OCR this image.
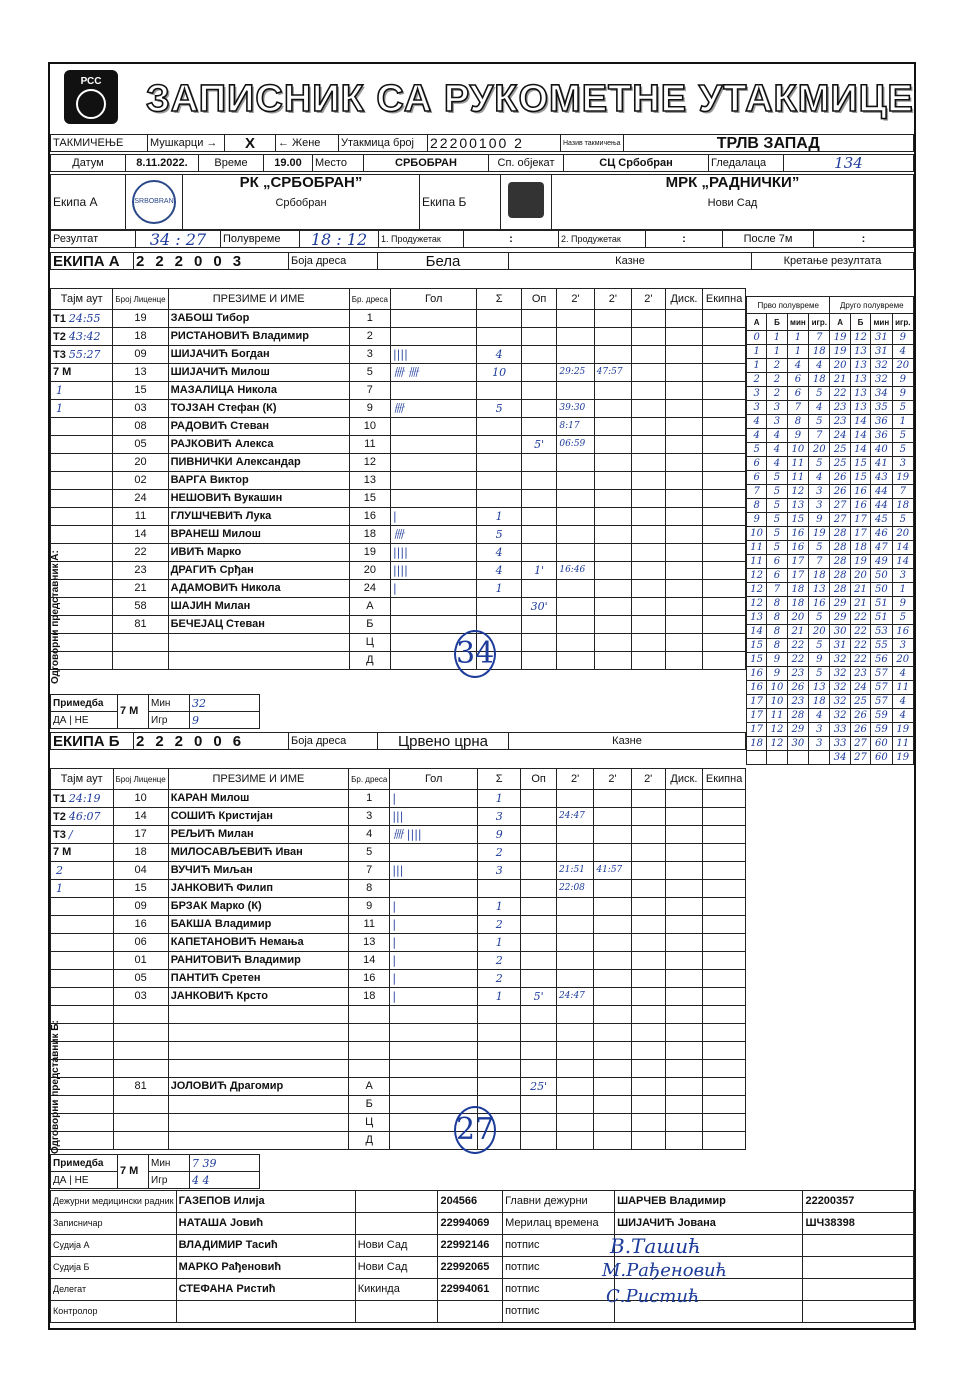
РСС	ЗАПИСНИК СА РУКОМЕТНЕ УТАКМИЦЕ
ТАКМИЧЕЊЕ	Мушкарци →	X	← Жене	Утакмица број	22200100 2	Назив такмичења	ТРЛВ ЗАПАД
Датум	8.11.2022.	Време	19.00	Место	СРБОБРАН	Сп. објекат	СЦ Србобран	Гледалаца	134
Екипа А	SRBOBRAN	
РК „СРБОБРАН”
Србобран	Екипа Б		
МРК „РАДНИЧКИ”
Нови Сад
Резултат	34 : 27	Полувреме	18 : 12	1. Продужетак	:	2. Продужетак	:	После 7м	:
ЕКИПА А	222003	Боја дреса	Бела	Казне	Кретање резултата
Тајм аут	Број Лиценце	ПРЕЗИМЕ И ИМЕ	Бр. дреса	Гол	Σ	Оп	2'	2'	2'	Диск.	Екипна
T1 24:55	19	ЗАБОШ Тибор	1								
T2 43:42	18	РИСТАНОВИЋ Владимир	2								
T3 55:27	09	ШИЈАЧИЋ Богдан	3	||||	4						
7 М	13	ШИЈАЧИЋ Милош	5	卌 卌	10		29:25	47:57			
1	15	МАЗАЛИЦА Никола	7								
1	03	ТОЈЗАН Стефан (К)	9	卌	5		39:30				
	08	РАДОВИЋ Стеван	10				8:17				
	05	РАЈКОВИЋ Алекса	11			5'	06:59				
	20	ПИВНИЧКИ Александар	12								
	02	ВАРГА Виктор	13								
	24	НЕШОВИЋ Вукашин	15								
	11	ГЛУШЧЕВИЋ Лука	16	|	1						
	14	ВРАНЕШ Милош	18	卌	5						
	22	ИВИЋ Марко	19	||||	4						
	23	ДРАГИЋ Срђан	20	||||	4	1'	16:46				
	21	АДАМОВИЋ Никола	24	|	1						
	58	ШАЈИН Милан	А			30'					
	81	БЕЧЕЈАЦ Стеван	Б								
			Ц								
			Д								
Одговорни представник А:
Прво полувреме				Друго полувреме			
А	Б	мин	игр.	А	Б	мин	игр.
0	1	1	7	19	12	31	9
1	1	1	18	19	13	31	4
1	2	4	4	20	13	32	20
2	2	6	18	21	13	32	9
3	2	6	5	22	13	34	9
3	3	7	4	23	13	35	5
4	3	8	5	23	14	36	1
4	4	9	7	24	14	36	5
5	4	10	20	25	14	40	5
6	4	11	5	25	15	41	3
6	5	11	4	26	15	43	19
7	5	12	3	26	16	44	7
8	5	13	3	27	16	44	18
9	5	15	9	27	17	45	5
10	5	16	19	28	17	46	20
11	5	16	5	28	18	47	14
11	6	17	7	28	19	49	14
12	6	17	18	28	20	50	3
12	7	18	13	28	21	50	1
12	8	18	16	29	21	51	9
13	8	20	5	29	22	51	5
14	8	21	20	30	22	53	16
15	8	22	5	31	22	55	3
15	9	22	9	32	22	56	20
16	9	23	5	32	23	57	4
16	10	26	13	32	24	57	11
17	10	23	18	32	25	57	4
17	11	28	4	32	26	59	4
17	12	29	3	33	26	59	19
18	12	30	3	33	27	60	11
				34	27	60	19
34
Примедба	7 М	Мин	32
ДА | НЕ		Игр	9
ЕКИПА Б	222006	Боја дреса	Црвено црна	Казне
Тајм аут	Број Лиценце	ПРЕЗИМЕ И ИМЕ	Бр. дреса	Гол	Σ	Оп	2'	2'	2'	Диск.	Екипна
T1 24:19	10	КАРАН Милош	1	|	1						
T2 46:07	14	СОШИЋ Кристијан	3	|||	3		24:47				
T3 /	17	РЕЉИЋ Милан	4	卌 ||||	9						
7 М	18	МИЛОСАВЉЕВИЋ Иван	5		2						
2	04	ВУЧИЋ Миљан	7	|||	3		21:51	41:57			
1	15	ЈАНКОВИЋ Филип	8				22:08				
	09	БРЗАК Марко (К)	9	|	1						
	16	БАКША Владимир	11	|	2						
	06	КАПЕТАНОВИЋ Немања	13	|	1						
	01	РАНИТОВИЋ Владимир	14	|	2						
	05	ПАНТИЋ Сретен	16	|	2						
	03	ЈАНКОВИЋ Крсто	18	|	1	5'	24:47				

	81	ЈОЛОВИЋ Драгомир	А			25'					
			Б								
			Ц								
			Д								
Одговорни представник Б:	27
Примедба	7 М	Мин	7 39
ДА | НЕ		Игр	4 4
Дежурни медицински радник	ГАЗЕПОВ Илија		204566	Главни дежурни	ШАРЧЕВ Владимир	22200357
Записничар	НАТАША Јовић		22994069	Мерилац времена	ШИЈАЧИЋ Јована	ШЧ38398
Судија А	ВЛАДИМИР Тасић	Нови Сад	22992146	потпис		
Судија Б	МАРКО Рађеновић	Нови Сад	22992065	потпис		
Делегат	СТЕФАНА Ристић	Кикинда	22994061	потпис		
Контролор				потпис		
В.Ташић
М.Рађеновић
С.Ристић
